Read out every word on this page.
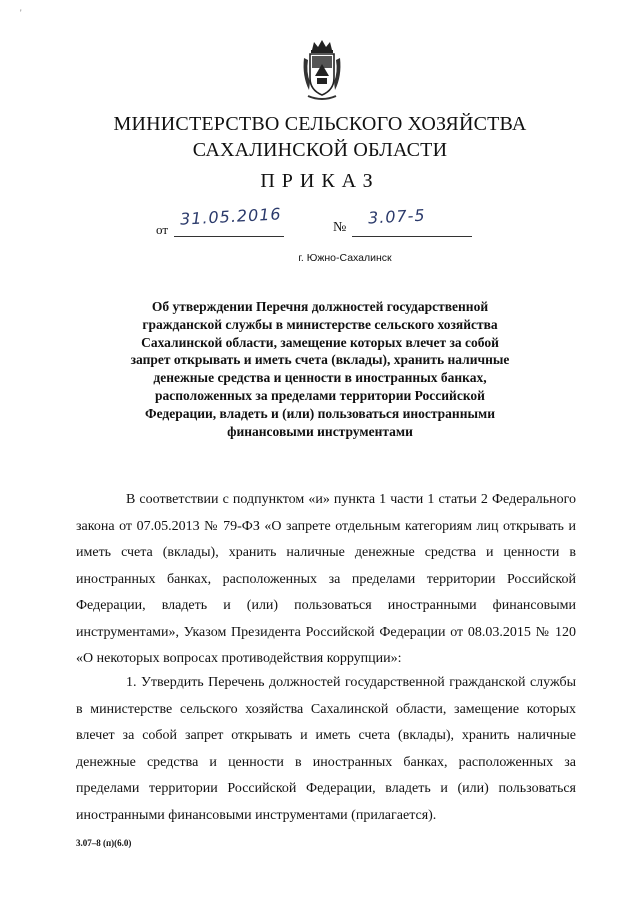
'
МИНИСТЕРСТВО СЕЛЬСКОГО ХОЗЯЙСТВА
САХАЛИНСКОЙ ОБЛАСТИ
ПРИКАЗ
от
31.05.2016	№
3.07-5
г. Южно-Сахалинск
Об утверждении Перечня должностей государственной гражданской службы в министерстве сельского хозяйства Сахалинской области, замещение которых влечет за собой запрет открывать и иметь счета (вклады), хранить наличные денежные средства и ценности в иностранных банках, расположенных за пределами территории Российской Федерации, владеть и (или) пользоваться иностранными финансовыми инструментами
В соответствии с подпунктом «и» пункта 1 части 1 статьи 2 Федерального закона от 07.05.2013 № 79-ФЗ «О запрете отдельным категориям лиц открывать и иметь счета (вклады), хранить наличные денежные средства и ценности в иностранных банках, расположенных за пределами территории Российской Федерации, владеть и (или) пользоваться иностранными финансовыми инструментами», Указом Президента Российской Федерации от 08.03.2015 № 120 «О некоторых вопросах противодействия коррупции»:
1. Утвердить Перечень должностей государственной гражданской службы в министерстве сельского хозяйства Сахалинской области, замещение которых влечет за собой запрет открывать и иметь счета (вклады), хранить наличные денежные средства и ценности в иностранных банках, расположенных за пределами территории Российской Федерации, владеть и (или) пользоваться иностранными финансовыми инструментами (прилагается).
3.07–8 (п)(6.0)
